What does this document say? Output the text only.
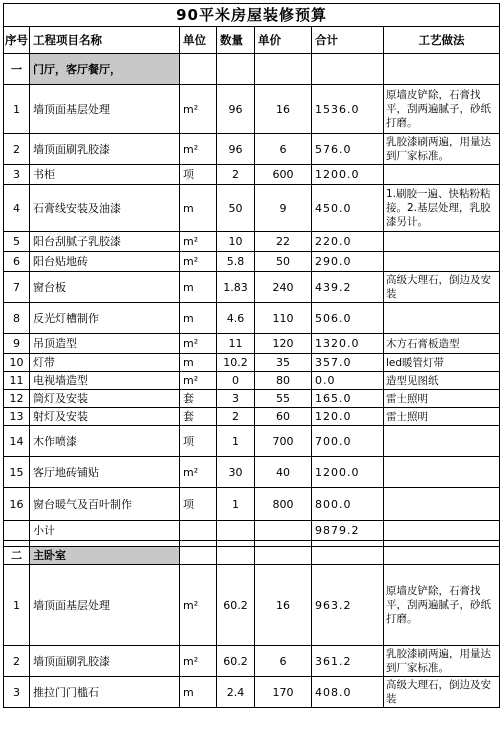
90平米房屋装修预算						
序号	工程项目名称	单位	数量	单价	合计	工艺做法
一	门厅，客厅餐厅，					
1	墙顶面基层处理	m²	96	16	1536.0	原墙皮铲除，石膏找平，刮两遍腻子，砂纸打磨。
2	墙顶面刷乳胶漆	m²	96	6	576.0	乳胶漆刷两遍，用量达到厂家标准。
3	书柜	项	2	600	1200.0	
4	石膏线安装及油漆	m	50	9	450.0	1.刷胶一遍、快粘粉粘接。2.基层处理，乳胶漆另计。
5	阳台刮腻子乳胶漆	m²	10	22	220.0	
6	阳台贴地砖	m²	5.8	50	290.0	
7	窗台板	m	1.83	240	439.2	高级大理石，倒边及安装
8	反光灯槽制作	m	4.6	110	506.0	
9	吊顶造型	m²	11	120	1320.0	木方石膏板造型
10	灯带	m	10.2	35	357.0	led暖管灯带
11	电视墙造型	m²	0	80	0.0	造型见图纸
12	筒灯及安装	套	3	55	165.0	雷士照明
13	射灯及安装	套	2	60	120.0	雷士照明
14	木作喷漆	项	1	700	700.0	
15	客厅地砖铺贴	m²	30	40	1200.0	
16	窗台暖气及百叶制作	项	1	800	800.0	
	小计				9879.2	

二	主卧室					
1	墙顶面基层处理	m²	60.2	16	963.2	原墙皮铲除，石膏找平，刮两遍腻子，砂纸打磨。
2	墙顶面刷乳胶漆	m²	60.2	6	361.2	乳胶漆刷两遍，用量达到厂家标准。
3	推拉门门槛石	m	2.4	170	408.0	高级大理石，倒边及安装
